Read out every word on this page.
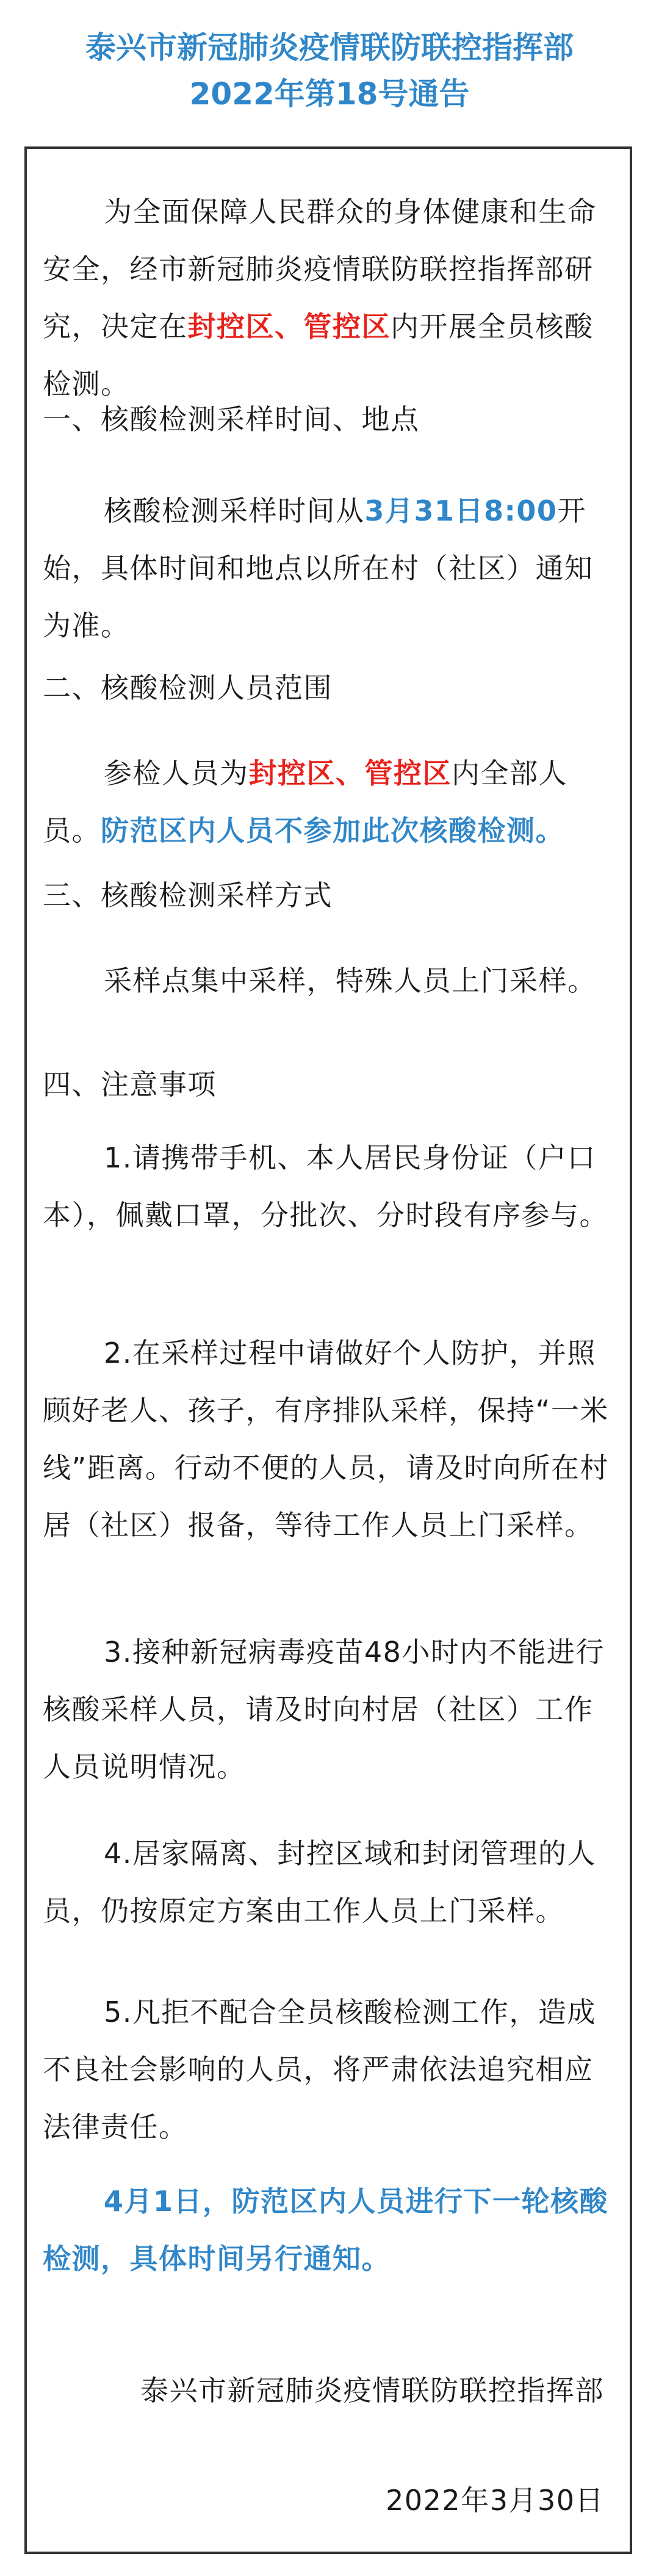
泰兴市新冠肺炎疫情联防联控指挥部
2022年第18号通告

为全面保障人民群众的身体健康和生命安全，经市新冠肺炎疫情联防联控指挥部研究，决定在封控区、管控区内开展全员核酸检测。

一、核酸检测采样时间、地点

核酸检测采样时间从3月31日8:00开始，具体时间和地点以所在村（社区）通知为准。

二、核酸检测人员范围

参检人员为封控区、管控区内全部人员。防范区内人员不参加此次核酸检测。

三、核酸检测采样方式

采样点集中采样，特殊人员上门采样。

四、注意事项

1.请携带手机、本人居民身份证（户口本），佩戴口罩，分批次、分时段有序参与。

2.在采样过程中请做好个人防护，并照顾好老人、孩子，有序排队采样，保持“一米线”距离。行动不便的人员，请及时向所在村居（社区）报备，等待工作人员上门采样。

3.接种新冠病毒疫苗48小时内不能进行核酸采样人员，请及时向村居（社区）工作人员说明情况。

4.居家隔离、封控区域和封闭管理的人员，仍按原定方案由工作人员上门采样。

5.凡拒不配合全员核酸检测工作，造成不良社会影响的人员，将严肃依法追究相应法律责任。

4月1日，防范区内人员进行下一轮核酸检测，具体时间另行通知。

泰兴市新冠肺炎疫情联防联控指挥部
2022年3月30日
